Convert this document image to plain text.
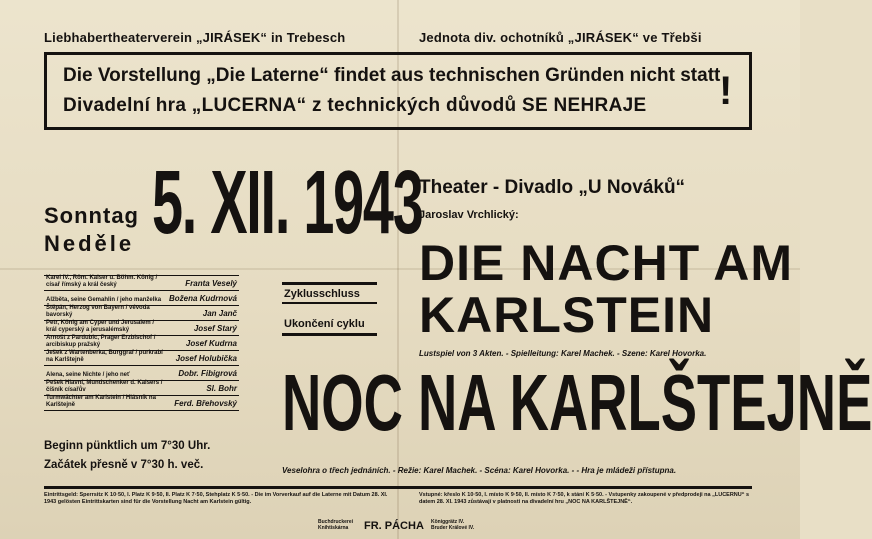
Liebhabertheaterverein „JIRÁSEK“ in Trebesch	Jednota div. ochotníků „JIRÁSEK“ ve Třebši
Die Vorstellung „Die Laterne“ findet aus technischen Gründen nicht statt
Divadelní hra „LUCERNA“ z technických důvodů SE NEHRAJE !
Sonntag
Neděle 5. XII. 1943
Theater - Divadlo „U Nováků“
Jaroslav Vrchlický:
DIE NACHT AM
KARLSTEIN
Lustspiel von 3 Akten. - Spielleitung: Karel Machek. - Szene: Karel Hovorka.
NOC NA KARLŠTEJNĚ
Veselohra o třech jednáních. - Režie: Karel Machek. - Scéna: Karel Hovorka. - - Hra je mládeži přístupna.
Zyklusschluss
Ukončení cyklu
Karel IV., Röm. Kaiser u. Böhm. König / císař římský a král český	Franta Veselý
Alžběta, seine Gemahlin / jeho manželka Božena Kudrnová
Štěpán, Herzog von Bayern / vévoda bavorský	Jan Janč
Petr, König am Cyper und Jerusalem / král cyperský a jerusalémský	Josef Starý
Arnošt z Pardubic, Prager Erzbischof / arcibiskup pražský	Josef Kudrna
Ješek z Wartenberka, Burggraf / purkrabí na Karlštejně	Josef Holubička
Alena, seine Nichte / jeho neť	Dobr. Fibigrová
Pešek Hlavní, Mundschenker d. Kaisers / číšník císařův	Sl. Bohr
Turmwächter am Karlstein / Hlásník na Karlštejně	Ferd. Břehovský
Beginn pünktlich um 7°30 Uhr.
Začátek přesně v 7°30 h. več.
Eintrittsgeld: Sperrsitz K 10·50, I. Platz K 9·50, II. Platz K 7·50, Stehplatz K 5·50. - Die im Vorverkauf auf die Laterne mit Datum 28. XI. 1943 gelösten Eintrittskarten sind für die Vorstellung Nacht am Karlstein gültig.
Vstupné: křeslo K 10·50, I. místo K 9·50, II. místo K 7·50, k stání K 5·50. - Vstupenky zakoupené v předprodeji na „LUCERNU“ s datem 28. XI. 1943 zůstávají v platnosti na divadelní hru „NOC NA KARLŠTEJNĚ“.
Buchdruckerei
Knihtiskárna FR. PÁCHA Königgrätz IV.
Bruder Králové IV.
